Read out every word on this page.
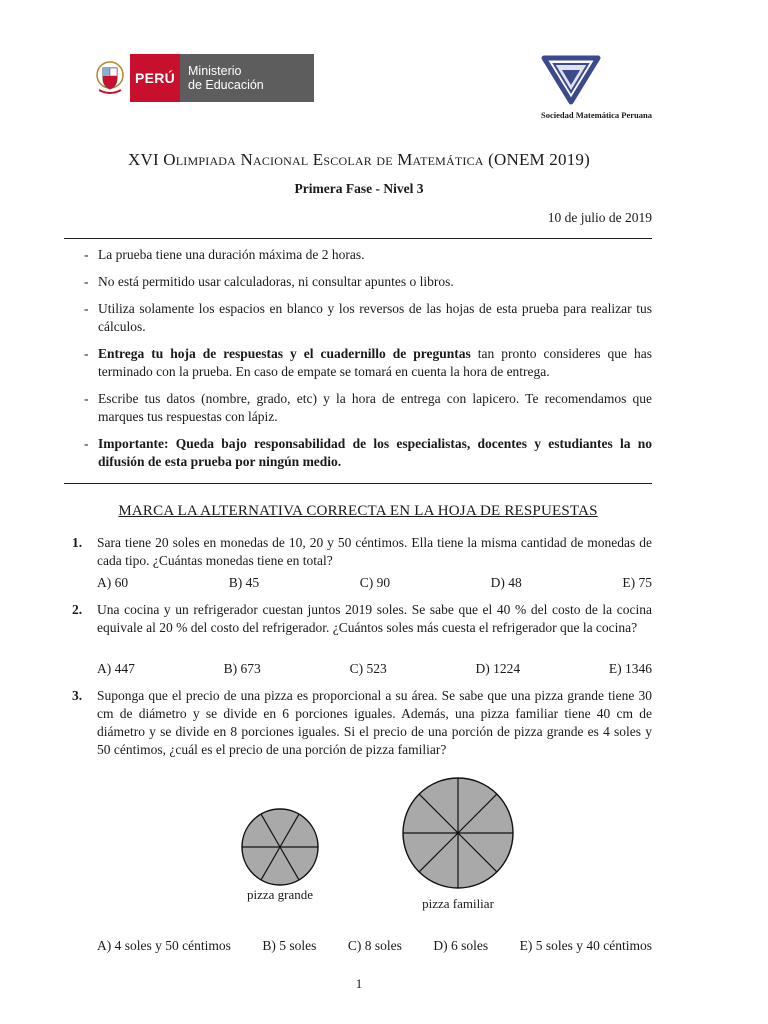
PERÚ	Ministerio
de Educación
Sociedad Matemática Peruana
XVI Olimpiada Nacional Escolar de Matemática (ONEM 2019)
Primera Fase - Nivel 3
10 de julio de 2019
- La prueba tiene una duración máxima de 2 horas.
- No está permitido usar calculadoras, ni consultar apuntes o libros.
- Utiliza solamente los espacios en blanco y los reversos de las hojas de esta prueba para realizar tus cálculos.
- Entrega tu hoja de respuestas y el cuadernillo de preguntas tan pronto consideres que has terminado con la prueba. En caso de empate se tomará en cuenta la hora de entrega.
- Escribe tus datos (nombre, grado, etc) y la hora de entrega con lapicero. Te recomendamos que marques tus respuestas con lápiz.
- Importante: Queda bajo responsabilidad de los especialistas, docentes y estudiantes la no difusión de esta prueba por ningún medio.
MARCA LA ALTERNATIVA CORRECTA EN LA HOJA DE RESPUESTAS
1. Sara tiene 20 soles en monedas de 10, 20 y 50 céntimos. Ella tiene la misma cantidad de monedas de cada tipo. ¿Cuántas monedas tiene en total?
A) 60	B) 45	C) 90	D) 48	E) 75
2. Una cocina y un refrigerador cuestan juntos 2019 soles. Se sabe que el 40 % del costo de la cocina equivale al 20 % del costo del refrigerador. ¿Cuántos soles más cuesta el refrigerador que la cocina?
A) 447	B) 673	C) 523	D) 1224	E) 1346
3. Suponga que el precio de una pizza es proporcional a su área. Se sabe que una pizza grande tiene 30 cm de diámetro y se divide en 6 porciones iguales. Además, una pizza familiar tiene 40 cm de diámetro y se divide en 8 porciones iguales. Si el precio de una porción de pizza grande es 4 soles y 50 céntimos, ¿cuál es el precio de una porción de pizza familiar?
pizza grande
pizza familiar
A) 4 soles y 50 céntimos B) 5 soles C) 8 soles D) 6 soles E) 5 soles y 40 céntimos
1
